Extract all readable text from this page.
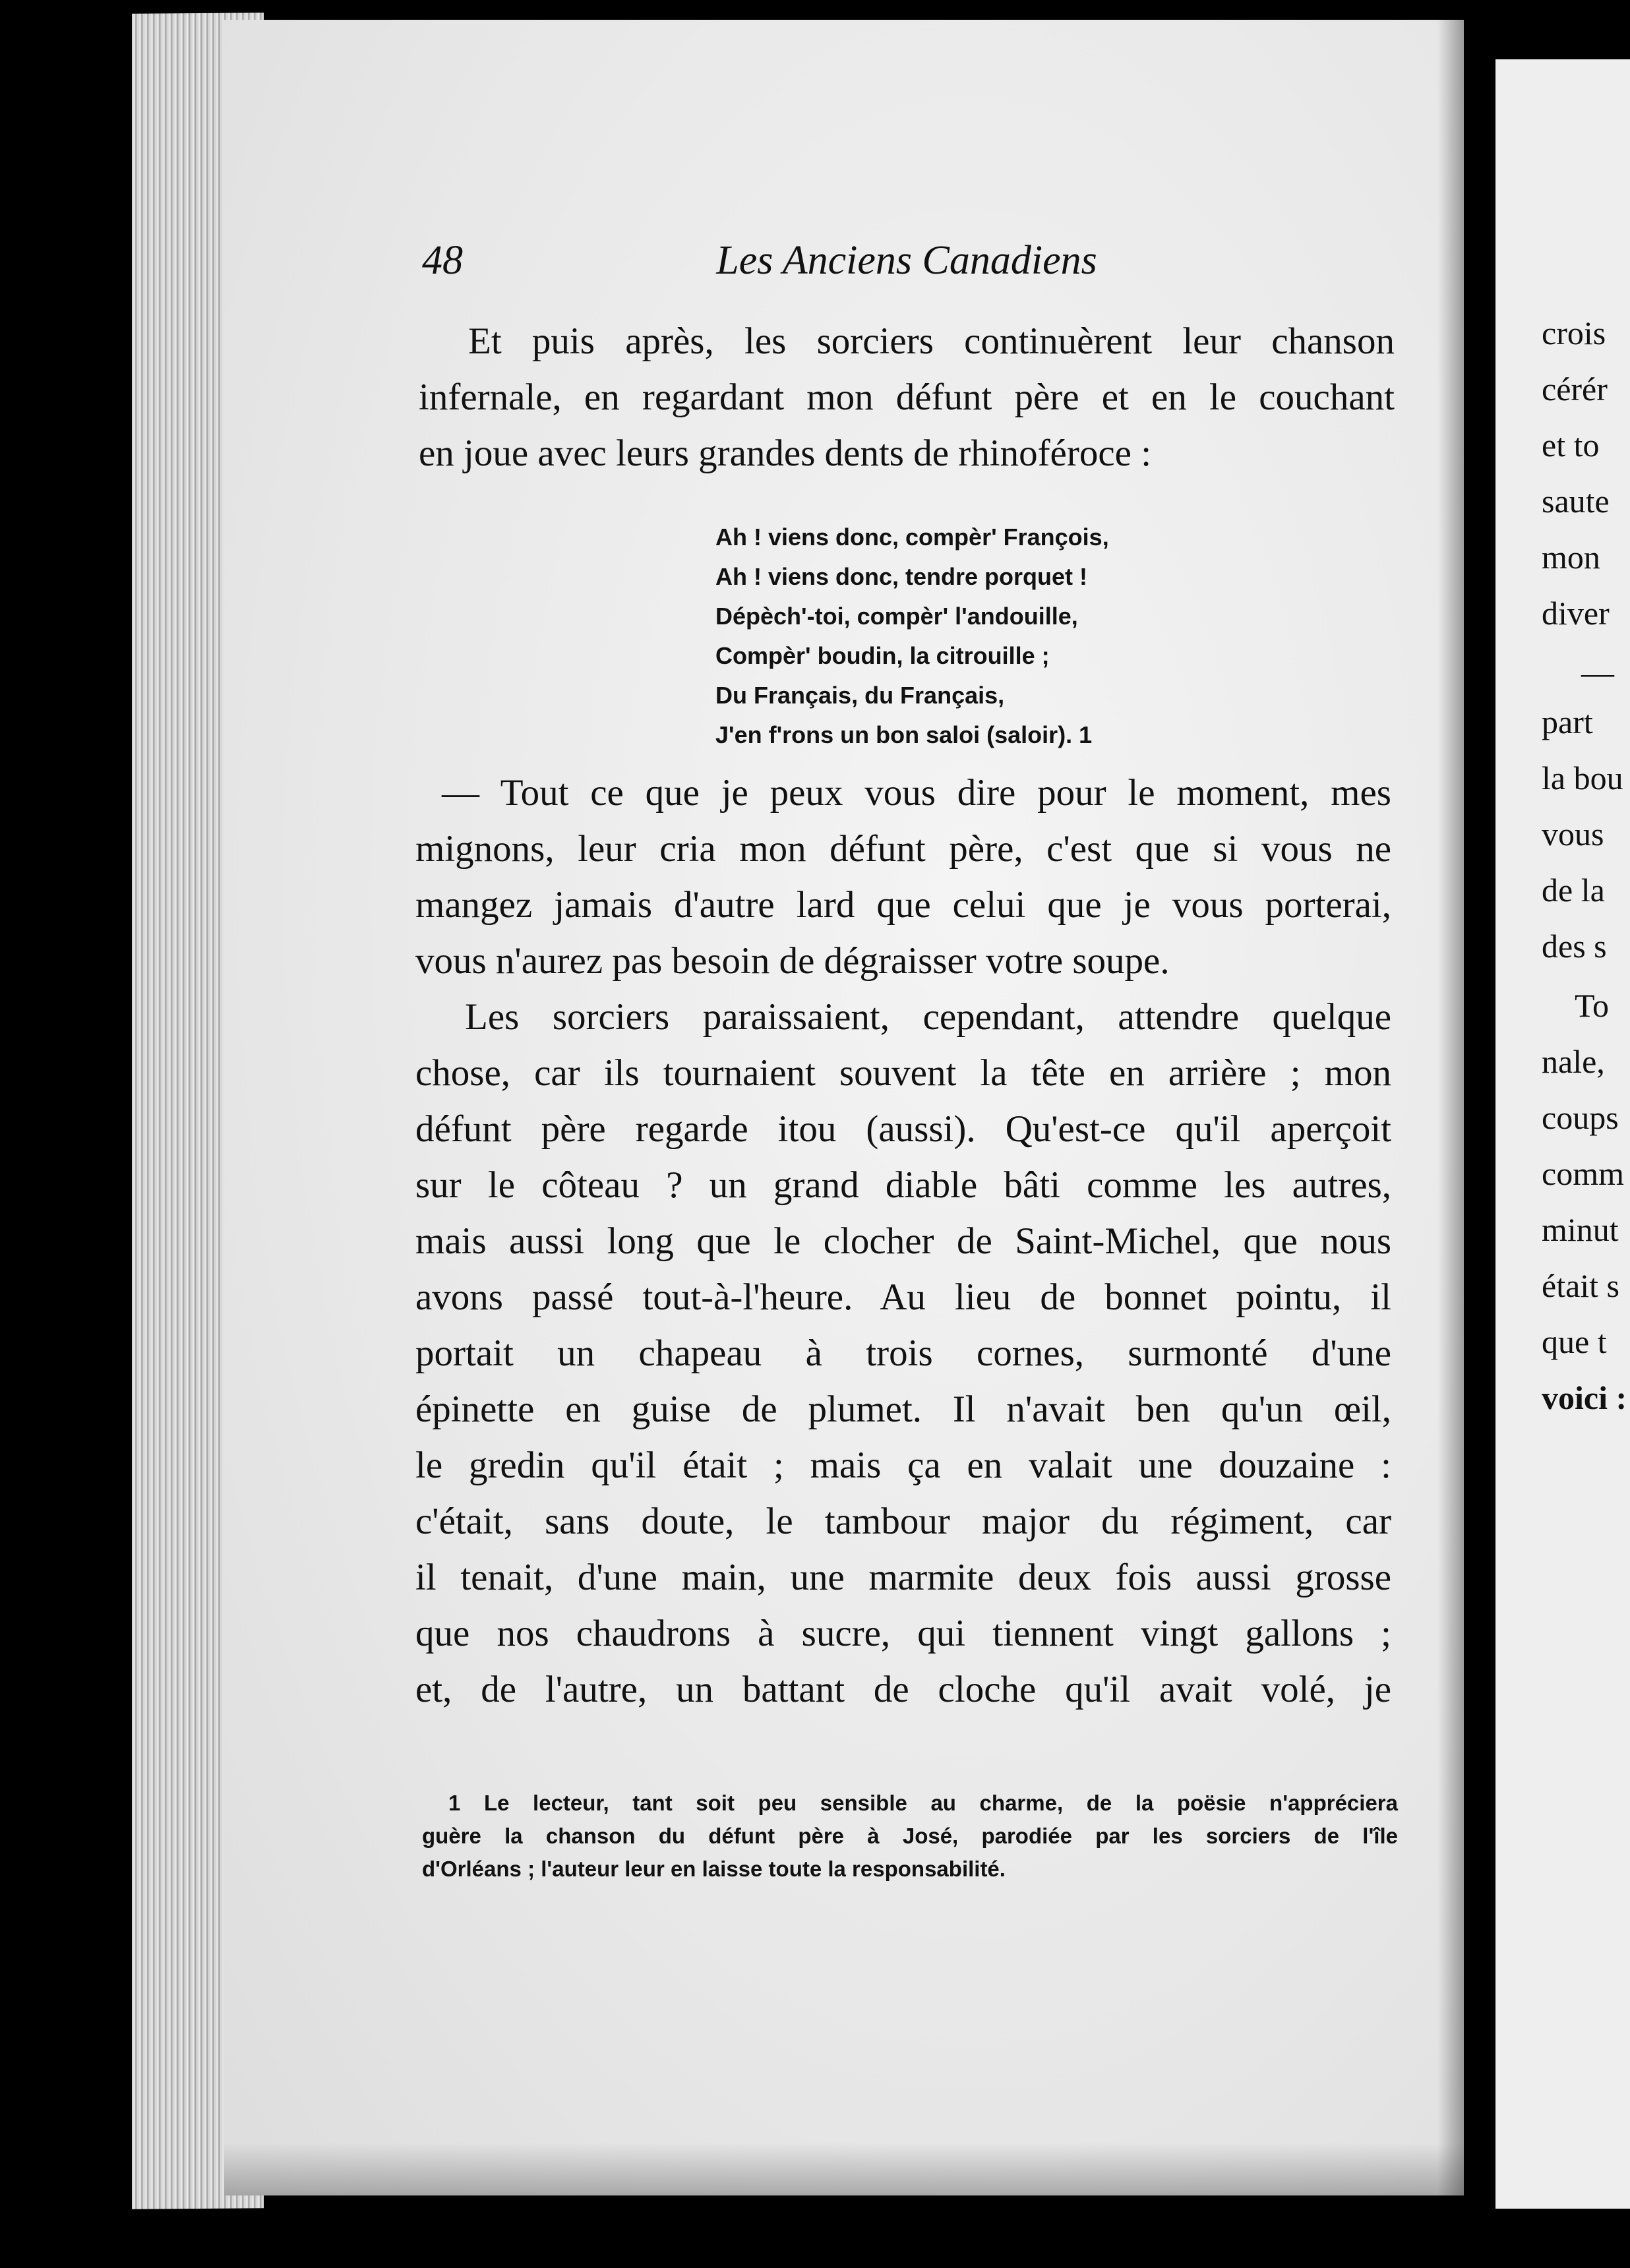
crois
cérér
et to
saute
mon
diver
—
part
la bou
vous
de la
des s
To
nale,
coups
comm
minut
était s
que t
voici :
48	Les Anciens Canadiens
Et puis après, les sorciers continuèrent leur chanson
infernale, en regardant mon défunt père et en le couchant
en joue avec leurs grandes dents de rhinoféroce :
Ah ! viens donc, compèr' François,
Ah ! viens donc, tendre porquet !
Dépèch'-toi, compèr' l'andouille,
Compèr' boudin, la citrouille ;
Du Français, du Français,
J'en f'rons un bon saloi (saloir). 1
— Tout ce que je peux vous dire pour le moment, mes
mignons, leur cria mon défunt père, c'est que si vous ne
mangez jamais d'autre lard que celui que je vous porterai,
vous n'aurez pas besoin de dégraisser votre soupe.
Les sorciers paraissaient, cependant, attendre quelque
chose, car ils tournaient souvent la tête en arrière ; mon
défunt père regarde itou (aussi). Qu'est-ce qu'il aperçoit
sur le côteau ? un grand diable bâti comme les autres,
mais aussi long que le clocher de Saint-Michel, que nous
avons passé tout-à-l'heure. Au lieu de bonnet pointu, il
portait un chapeau à trois cornes, surmonté d'une
épinette en guise de plumet. Il n'avait ben qu'un œil,
le gredin qu'il était ; mais ça en valait une douzaine :
c'était, sans doute, le tambour major du régiment, car
il tenait, d'une main, une marmite deux fois aussi grosse
que nos chaudrons à sucre, qui tiennent vingt gallons ;
et, de l'autre, un battant de cloche qu'il avait volé, je
1 Le lecteur, tant soit peu sensible au charme, de la poësie n'appréciera
guère la chanson du défunt père à José, parodiée par les sorciers de l'île
d'Orléans ; l'auteur leur en laisse toute la responsabilité.
